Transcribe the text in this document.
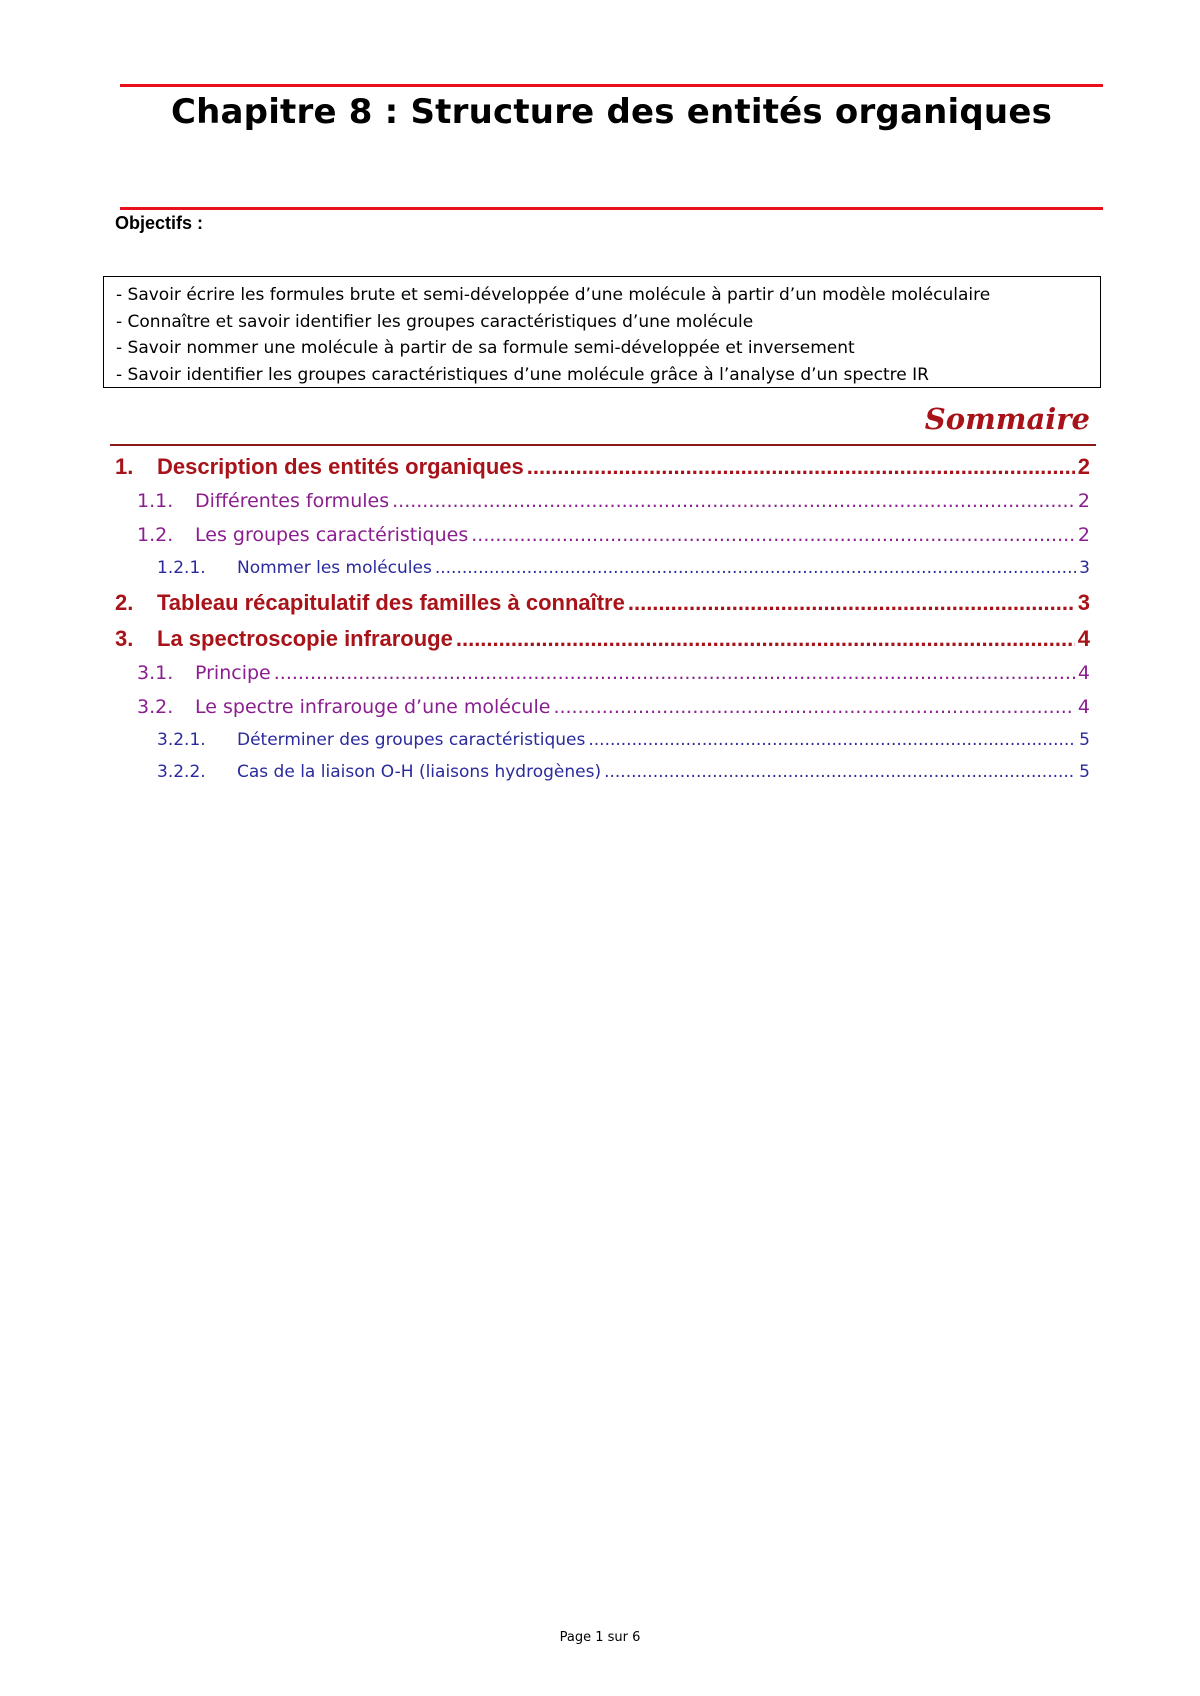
Chapitre 8 : Structure des entités organiques
Objectifs :
- Savoir écrire les formules brute et semi-développée d’une molécule à partir d’un modèle moléculaire
- Connaître et savoir identifier les groupes caractéristiques d’une molécule
- Savoir nommer une molécule à partir de sa formule semi-développée et inversement
- Savoir identifier les groupes caractéristiques d’une molécule grâce à l’analyse d’un spectre IR
Sommaire
1.	Description des entités organiques .....	2
1.1.	Différentes formules .....	2
1.2.	Les groupes caractéristiques .....	2
1.2.1.	Nommer les molécules .....	3
2.	Tableau récapitulatif des familles à connaître .....	3
3.	La spectroscopie infrarouge .....	4
3.1.	Principe .....	4
3.2.	Le spectre infrarouge d’une molécule .....	4
3.2.1.	Déterminer des groupes caractéristiques .....	5
3.2.2.	Cas de la liaison O-H (liaisons hydrogènes) .....	5
Page 1 sur 6
